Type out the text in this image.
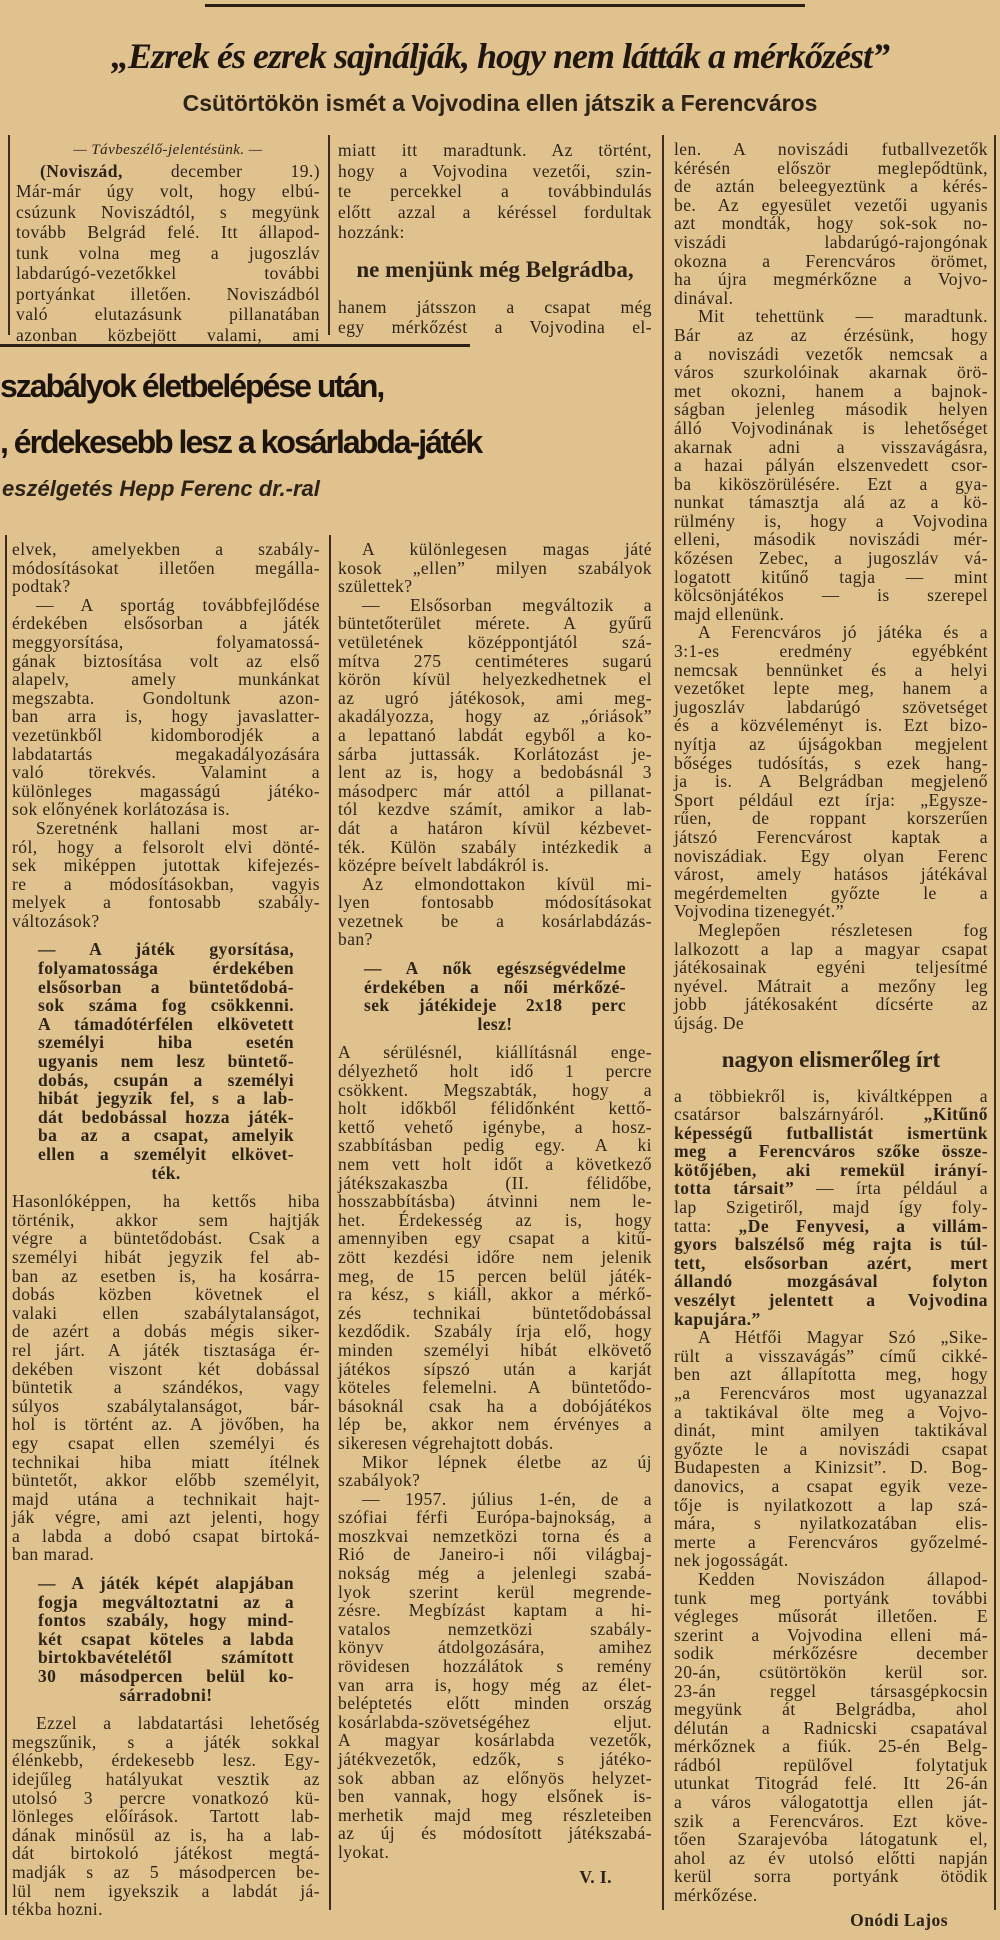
„Ezrek és ezrek sajnálják, hogy nem látták a mérkőzést”
Csütörtökön ismét a Vojvodina ellen játszik a Ferencváros
— Távbeszélő-jelentésünk. —
(Noviszád, december 19.)
Már-már úgy volt, hogy elbú-
csúzunk Noviszádtól, s megyünk
tovább Belgrád felé. Itt állapod-
tunk volna meg a jugoszláv
labdarúgó-vezetőkkel további
portyánkat illetően. Noviszádból
való elutazásunk pillanatában
azonban közbejött valami, ami
miatt itt maradtunk. Az történt,
hogy a Vojvodina vezetői, szin-
te percekkel a továbbindulás
előtt azzal a kéréssel fordultak
hozzánk:
ne menjünk még Belgrádba,
hanem játsszon a csapat még
egy mérkőzést a Vojvodina el-
len. A noviszádi futballvezetők
kérésén először meglepődtünk,
de aztán beleegyeztünk a kérés-
be. Az egyesület vezetői ugyanis
azt mondták, hogy sok-sok no-
viszádi labdarúgó-rajongónak
okozna a Ferencváros örömet,
ha újra megmérkőzne a Vojvo-
dinával.
Mit tehettünk — maradtunk.
Bár az az érzésünk, hogy
a noviszádi vezetők nemcsak a
város szurkolóinak akarnak örö-
met okozni, hanem a bajnok-
ságban jelenleg második helyen
álló Vojvodinának is lehetőséget
akarnak adni a visszavágásra,
a hazai pályán elszenvedett csor-
ba kiköszörülésére. Ezt a gya-
nunkat támasztja alá az a kö-
rülmény is, hogy a Vojvodina
elleni, második noviszádi mér-
kőzésen Zebec, a jugoszláv vá-
logatott kitűnő tagja — mint
kölcsönjátékos — is szerepel
majd ellenünk.
A Ferencváros jó játéka és a
3:1-es eredmény egyébként
nemcsak bennünket és a helyi
vezetőket lepte meg, hanem a
jugoszláv labdarúgó szövetséget
és a közvéleményt is. Ezt bizo-
nyítja az újságokban megjelent
bőséges tudósítás, s ezek hang-
ja is. A Belgrádban megjelenő
Sport például ezt írja: „Egysze-
rűen, de roppant korszerűen
játszó Ferencvárost kaptak a
noviszádiak. Egy olyan Ferenc
várost, amely hatásos játékával
megérdemelten győzte le a
Vojvodina tizenegyét.”
Meglepően részletesen fog
lalkozott a lap a magyar csapat
játékosainak egyéni teljesítmé
nyével. Mátrait a mezőny leg
jobb játékosaként dícsérte az
újság. De
nagyon elismerőleg írt
a többiekről is, kiváltképpen a
csatársor balszárnyáról. „Kitűnő
képességű futballistát ismertünk
meg a Ferencváros szőke össze-
kötőjében, aki remekül irányí-
totta társait” — írta például a
lap Szigetiről, majd így foly-
tatta: „De Fenyvesi, a villám-
gyors balszélső még rajta is túl-
tett, elsősorban azért, mert
állandó mozgásával folyton
veszélyt jelentett a Vojvodina
kapujára.”
A Hétfői Magyar Szó „Sike-
rült a visszavágás” című cikké-
ben azt állapította meg, hogy
„a Ferencváros most ugyanazzal
a taktikával ölte meg a Vojvo-
dinát, mint amilyen taktikával
győzte le a noviszádi csapat
Budapesten a Kinizsit”. D. Bog-
danovics, a csapat egyik veze-
tője is nyilatkozott a lap szá-
mára, s nyilatkozatában elis-
merte a Ferencváros győzelmé-
nek jogosságát.
Kedden Noviszádon állapod-
tunk meg portyánk további
végleges műsorát illetően. E
szerint a Vojvodina elleni má-
sodik mérkőzésre december
20-án, csütörtökön kerül sor.
23-án reggel társasgépkocsin
megyünk át Belgrádba, ahol
délután a Radnicski csapatával
mérkőznek a fiúk. 25-én Belg-
rádból repülővel folytatjuk
utunkat Titográd felé. Itt 26-án
a város válogatottja ellen ját-
szik a Ferencváros. Ezt köve-
tően Szarajevóba látogatunk el,
ahol az év utolsó előtti napján
kerül sorra portyánk ötödik
mérkőzése.
Onódi Lajos
szabályok életbelépése után,
, érdekesebb lesz a kosárlabda-játék
eszélgetés Hepp Ferenc dr.-ral
elvek, amelyekben a szabály-
módosításokat illetően megálla-
podtak?
— A sportág továbbfejlődése
érdekében elsősorban a játék
meggyorsítása, folyamatossá-
gának biztosítása volt az első
alapelv, amely munkánkat
megszabta. Gondoltunk azon-
ban arra is, hogy javaslatter-
vezetünkből kidomborodjék a
labdatartás megakadályozására
való törekvés. Valamint a
különleges magasságú játéko-
sok előnyének korlátozása is.
Szeretnénk hallani most ar-
ról, hogy a felsorolt elvi dönté-
sek miképpen jutottak kifejezés-
re a módosításokban, vagyis
melyek a fontosabb szabály-
változások?
— A játék gyorsítása,
folyamatossága érdekében
elsősorban a büntetődobá-
sok száma fog csökkenni.
A támadótérfélen elkövetett
személyi hiba esetén
ugyanis nem lesz büntető-
dobás, csupán a személyi
hibát jegyzik fel, s a lab-
dát bedobással hozza játék-
ba az a csapat, amelyik
ellen a személyit elkövet-
ték.
Hasonlóképpen, ha kettős hiba
történik, akkor sem hajtják
végre a büntetődobást. Csak a
személyi hibát jegyzik fel ab-
ban az esetben is, ha kosárra-
dobás közben követnek el
valaki ellen szabálytalanságot,
de azért a dobás mégis siker-
rel járt. A játék tisztasága ér-
dekében viszont két dobással
büntetik a szándékos, vagy
súlyos szabálytalanságot, bár-
hol is történt az. A jövőben, ha
egy csapat ellen személyi és
technikai hiba miatt ítélnek
büntetőt, akkor előbb személyit,
majd utána a technikait hajt-
ják végre, ami azt jelenti, hogy
a labda a dobó csapat birtoká-
ban marad.
— A játék képét alapjában
fogja megváltoztatni az a
fontos szabály, hogy mind-
két csapat köteles a labda
birtokbavételétől számított
30 másodpercen belül ko-
sárradobni!
Ezzel a labdatartási lehetőség
megszűnik, s a játék sokkal
élénkebb, érdekesebb lesz. Egy-
idejűleg hatályukat vesztik az
utolsó 3 percre vonatkozó kü-
lönleges előírások. Tartott lab-
dának minősül az is, ha a lab-
dát birtokoló játékost megtá-
madják s az 5 másodpercen be-
lül nem igyekszik a labdát já-
tékba hozni.
A különlegesen magas játé
kosok „ellen” milyen szabályok
születtek?
— Elsősorban megváltozik a
büntetőterület mérete. A gyűrű
vetületének középpontjától szá-
mítva 275 centiméteres sugarú
körön kívül helyezkedhetnek el
az ugró játékosok, ami meg-
akadályozza, hogy az „óriások”
a lepattanó labdát egyből a ko-
sárba juttassák. Korlátozást je-
lent az is, hogy a bedobásnál 3
másodperc már attól a pillanat-
tól kezdve számít, amikor a lab-
dát a határon kívül kézbevet-
ték. Külön szabály intézkedik a
középre beívelt labdákról is.
Az elmondottakon kívül mi-
lyen fontosabb módosításokat
vezetnek be a kosárlabdázás-
ban?
— A nők egészségvédelme
érdekében a női mérkőzé-
sek játékideje 2x18 perc
lesz!
A sérülésnél, kiállításnál enge-
délyezhető holt idő 1 percre
csökkent. Megszabták, hogy a
holt időkből félidőnként kettő-
kettő vehető igénybe, a hosz-
szabbításban pedig egy. A ki
nem vett holt időt a következő
játékszakaszba (II. félidőbe,
hosszabbításba) átvinni nem le-
het. Érdekesség az is, hogy
amennyiben egy csapat a kitű-
zött kezdési időre nem jelenik
meg, de 15 percen belül játék-
ra kész, s kiáll, akkor a mérkő-
zés technikai büntetődobással
kezdődik. Szabály írja elő, hogy
minden személyi hibát elkövető
játékos sípszó után a karját
köteles felemelni. A büntetődo-
básoknál csak ha a dobójátékos
lép be, akkor nem érvényes a
sikeresen végrehajtott dobás.
Mikor lépnek életbe az új
szabályok?
— 1957. július 1-én, de a
szófiai férfi Európa-bajnokság, a
moszkvai nemzetközi torna és a
Rió de Janeiro-i női világbaj-
nokság még a jelenlegi szabá-
lyok szerint kerül megrende-
zésre. Megbízást kaptam a hi-
vatalos nemzetközi szabály-
könyv átdolgozására, amihez
rövidesen hozzálátok s remény
van arra is, hogy még az élet-
beléptetés előtt minden ország
kosárlabda-szövetségéhez eljut.
A magyar kosárlabda vezetők,
játékvezetők, edzők, s játéko-
sok abban az előnyös helyzet-
ben vannak, hogy elsőnek is-
merhetik majd meg részleteiben
az új és módosított játékszabá-
lyokat.
V. I.
